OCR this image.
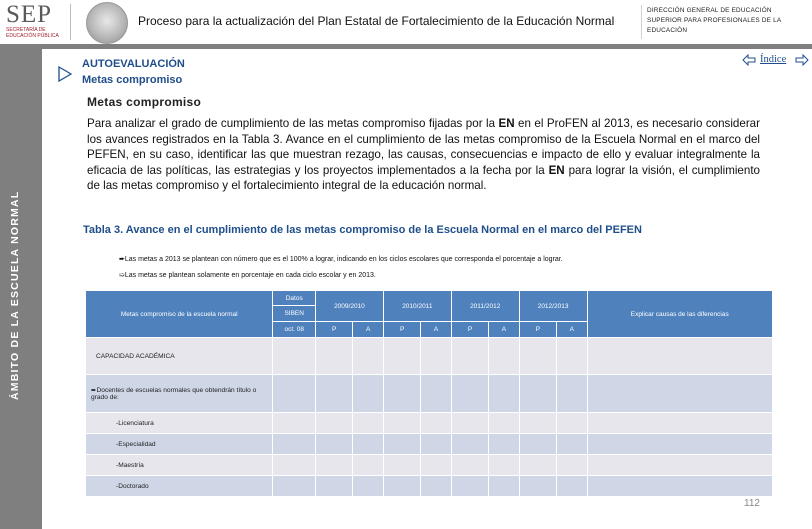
SEP
SECRETARÍA DE EDUCACIÓN PÚBLICA
Proceso para la actualización del Plan Estatal de Fortalecimiento de la Educación Normal
DIRECCIÓN GENERAL DE EDUCACIÓN SUPERIOR PARA PROFESIONALES DE LA EDUCACIÓN
ÁMBITO DE LA ESCUELA NORMAL
AUTOEVALUACIÓN
Metas compromiso
Índice
Metas compromiso
Para analizar el grado de cumplimiento de las metas compromiso fijadas por la EN en el ProFEN al 2013, es necesario considerar los avances registrados en la Tabla 3. Avance en el cumplimiento de las metas compromiso de la Escuela Normal en el marco del PEFEN, en su caso, identificar las que muestran rezago, las causas, consecuencias e impacto de ello y evaluar integralmente la eficacia de las políticas, las estrategias y los proyectos implementados a la fecha por la EN para lograr la visión, el cumplimiento de las metas compromiso y el fortalecimiento integral de la educación normal.
Tabla 3. Avance en el cumplimiento de las metas compromiso de la Escuela Normal en el marco del PEFEN
➨Las metas a 2013 se plantean con número que es el 100% a lograr, indicando en los ciclos escolares que corresponda el porcentaje a lograr.
➯Las metas se plantean solamente en porcentaje en cada ciclo escolar y en 2013.
Metas compromiso de la escuela normal	Datos	2009/2010		2010/2011		2011/2012		2012/2013		Explicar causas de las diferencias
	SIBEN									
	oct. 08	P	A	P	A	P	A	P	A	
CAPACIDAD ACADÉMICA										
➨Docentes de escuelas normales que obtendrán título o grado de:										
-Licenciatura										
-Especialidad										
-Maestría										
-Doctorado										
112
